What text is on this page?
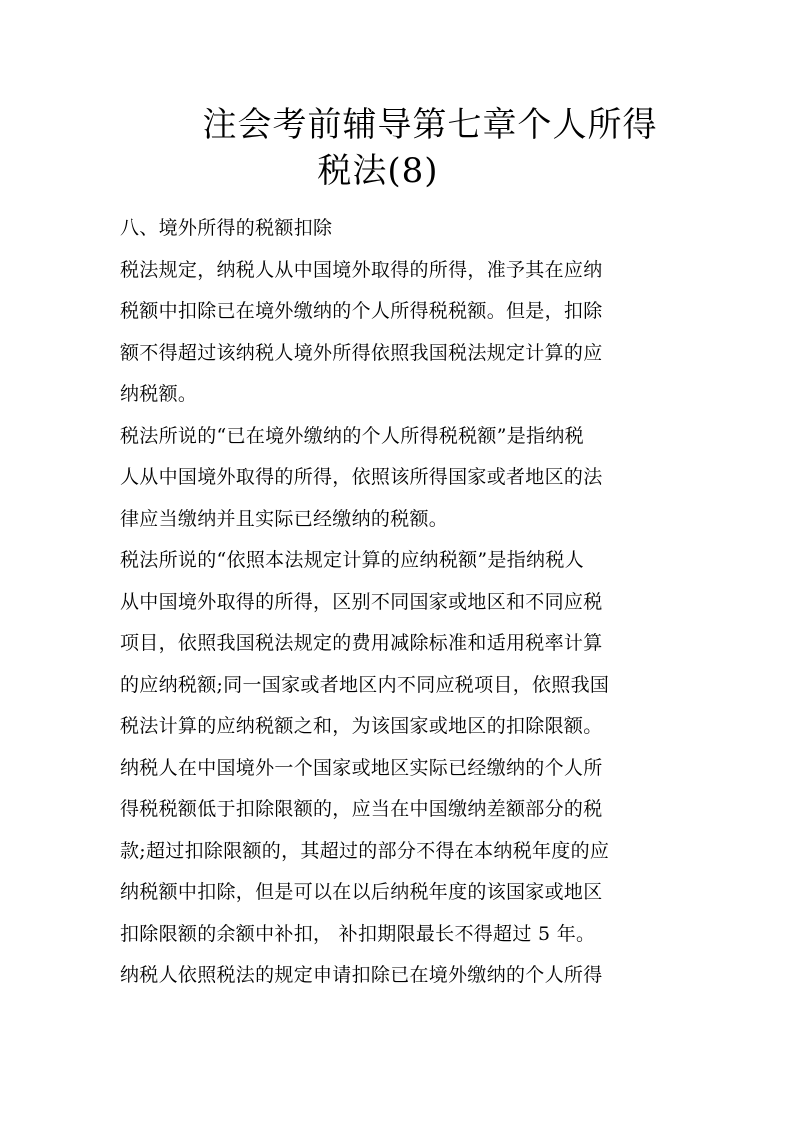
注会考前辅导第七章个人所得
税法(8)

八、境外所得的税额扣除

税法规定，纳税人从中国境外取得的所得，准予其在应纳

税额中扣除已在境外缴纳的个人所得税税额。但是，扣除

额不得超过该纳税人境外所得依照我国税法规定计算的应

纳税额。

税法所说的“已在境外缴纳的个人所得税税额”是指纳税

人从中国境外取得的所得，依照该所得国家或者地区的法

律应当缴纳并且实际已经缴纳的税额。

税法所说的“依照本法规定计算的应纳税额”是指纳税人

从中国境外取得的所得，区别不同国家或地区和不同应税

项目，依照我国税法规定的费用减除标准和适用税率计算

的应纳税额;同一国家或者地区内不同应税项目，依照我国

税法计算的应纳税额之和，为该国家或地区的扣除限额。

纳税人在中国境外一个国家或地区实际已经缴纳的个人所

得税税额低于扣除限额的，应当在中国缴纳差额部分的税

款;超过扣除限额的，其超过的部分不得在本纳税年度的应

纳税额中扣除，但是可以在以后纳税年度的该国家或地区

扣除限额的余额中补扣， 补扣期限最长不得超过 5 年。

纳税人依照税法的规定申请扣除已在境外缴纳的个人所得
